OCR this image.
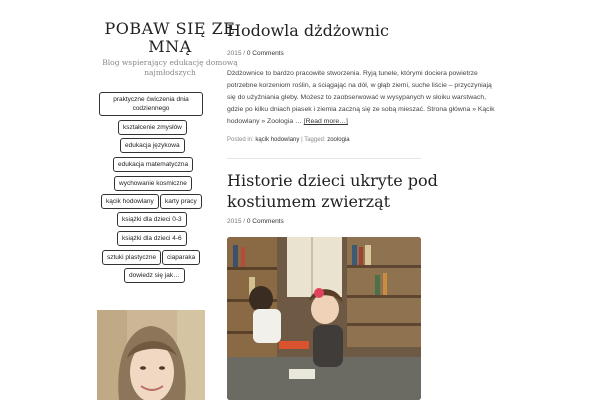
POBAW SIĘ ZE MNĄ
Blog wspierający edukację domową najmłodszych
praktyczne ćwiczenia dnia codziennego
kształcenie zmysłów
edukacja językowa
edukacja matematyczna
wychowanie kosmiczne
kącik hodowlany	karty pracy
książki dla dzieci 0-3
książki dla dzieci 4-6
sztuki plastyczne	ciaparaka
dowiedz się jak…
Hodowla dżdżownic
2015 / 0 Comments
Dżdżownice to bardzo pracowite stworzenia. Ryją tunele, którymi dociera powietrze potrzebne korzeniom roślin, a ściągając na dół, w głąb ziemi, suche liście – przyczyniają się do użyźniania gleby. Możesz to zaobserwować w wysypanych w słoiku warstwach, gdzie po kilku dniach piasek i ziemia zaczną się ze sobą mieszać. Strona główna » Kącik hodowlany » Zoologia … [Read more…]
Posted in: kącik hodowlany | Tagged: zoologia
Historie dzieci ukryte pod kostiumem zwierząt
2015 / 0 Comments
